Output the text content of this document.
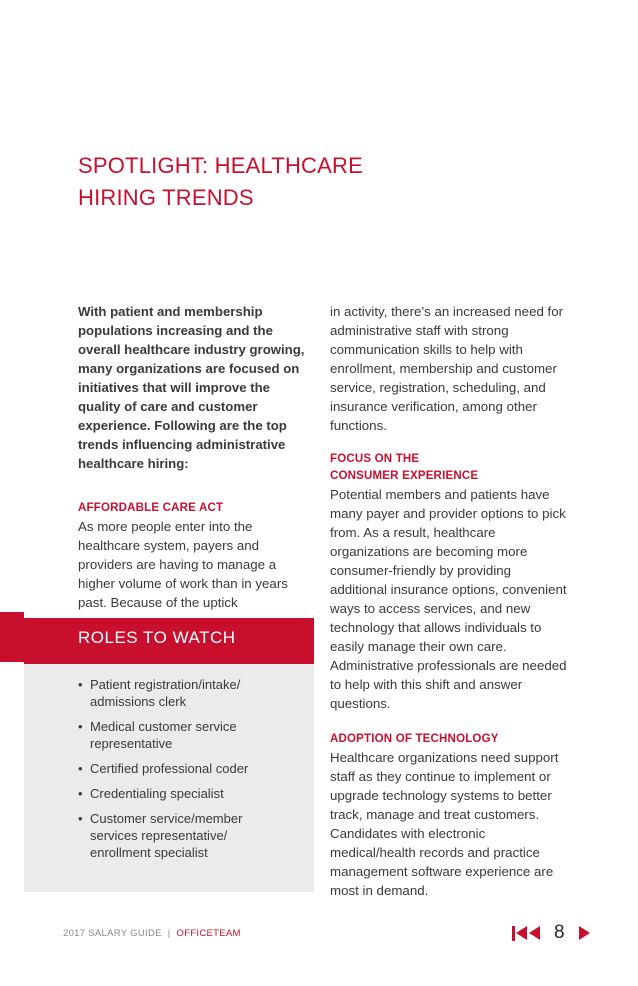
SPOTLIGHT: HEALTHCARE
HIRING TRENDS

With patient and membership populations increasing and the overall healthcare industry growing, many organizations are focused on initiatives that will improve the quality of care and customer experience. Following are the top trends influencing administrative healthcare hiring:

AFFORDABLE CARE ACT

As more people enter into the healthcare system, payers and providers are having to manage a higher volume of work than in years past. Because of the uptick

ROLES TO WATCH
• Patient registration/intake/ admissions clerk
• Medical customer service representative
• Certified professional coder
• Credentialing specialist
• Customer service/member services representative/ enrollment specialist

in activity, there’s an increased need for administrative staff with strong communication skills to help with enrollment, membership and customer service, registration, scheduling, and insurance verification, among other functions.

FOCUS ON THE
CONSUMER EXPERIENCE

Potential members and patients have many payer and provider options to pick from. As a result, healthcare organizations are becoming more consumer-friendly by providing additional insurance options, convenient ways to access services, and new technology that allows individuals to easily manage their own care. Administrative professionals are needed to help with this shift and answer questions.

ADOPTION OF TECHNOLOGY

Healthcare organizations need support staff as they continue to implement or upgrade technology systems to better track, manage and treat customers. Candidates with electronic medical/health records and practice management software experience are most in demand.

2017 SALARY GUIDE | OFFICETEAM	8
